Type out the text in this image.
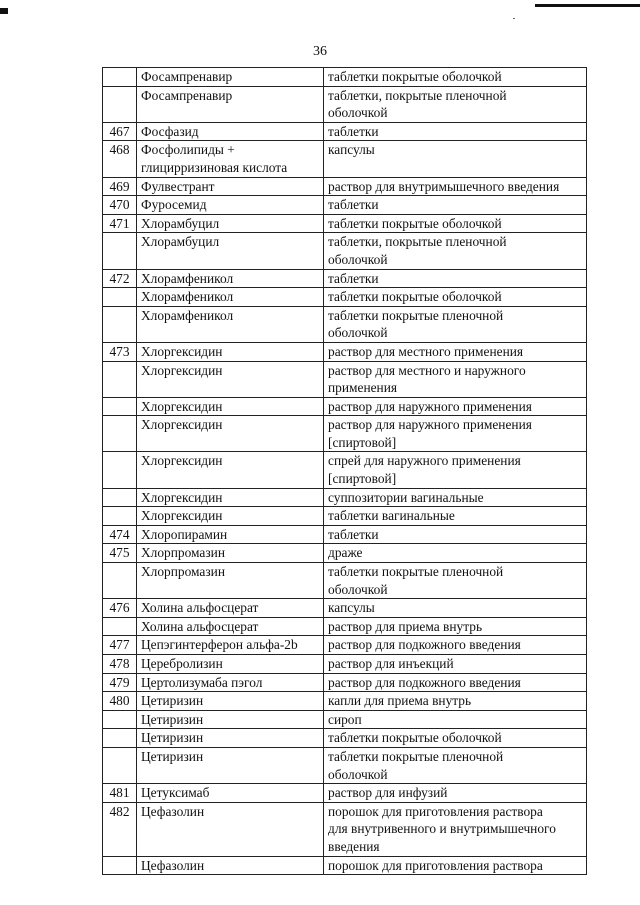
36
	Фосампренавир	таблетки покрытые оболочкой
	Фосампренавир	таблетки, покрытые пленочной
оболочкой
467	Фосфазид	таблетки
468	Фосфолипиды +
глицирризиновая кислота	капсулы
469	Фулвестрант	раствор для внутримышечного введения
470	Фуросемид	таблетки
471	Хлорамбуцил	таблетки покрытые оболочкой
	Хлорамбуцил	таблетки, покрытые пленочной
оболочкой
472	Хлорамфеникол	таблетки
	Хлорамфеникол	таблетки покрытые оболочкой
	Хлорамфеникол	таблетки покрытые пленочной
оболочкой
473	Хлоргексидин	раствор для местного применения
	Хлоргексидин	раствор для местного и наружного
применения
	Хлоргексидин	раствор для наружного применения
	Хлоргексидин	раствор для наружного применения
[спиртовой]
	Хлоргексидин	спрей для наружного применения
[спиртовой]
	Хлоргексидин	суппозитории вагинальные
	Хлоргексидин	таблетки вагинальные
474	Хлоропирамин	таблетки
475	Хлорпромазин	драже
	Хлорпромазин	таблетки покрытые пленочной
оболочкой
476	Холина альфосцерат	капсулы
	Холина альфосцерат	раствор для приема внутрь
477	Цепэгинтерферон альфа-2b	раствор для подкожного введения
478	Церебролизин	раствор для инъекций
479	Цертолизумаба пэгол	раствор для подкожного введения
480	Цетиризин	капли для приема внутрь
	Цетиризин	сироп
	Цетиризин	таблетки покрытые оболочкой
	Цетиризин	таблетки покрытые пленочной
оболочкой
481	Цетуксимаб	раствор для инфузий
482	Цефазолин	порошок для приготовления раствора
для внутривенного и внутримышечного
введения
	Цефазолин	порошок для приготовления раствора
